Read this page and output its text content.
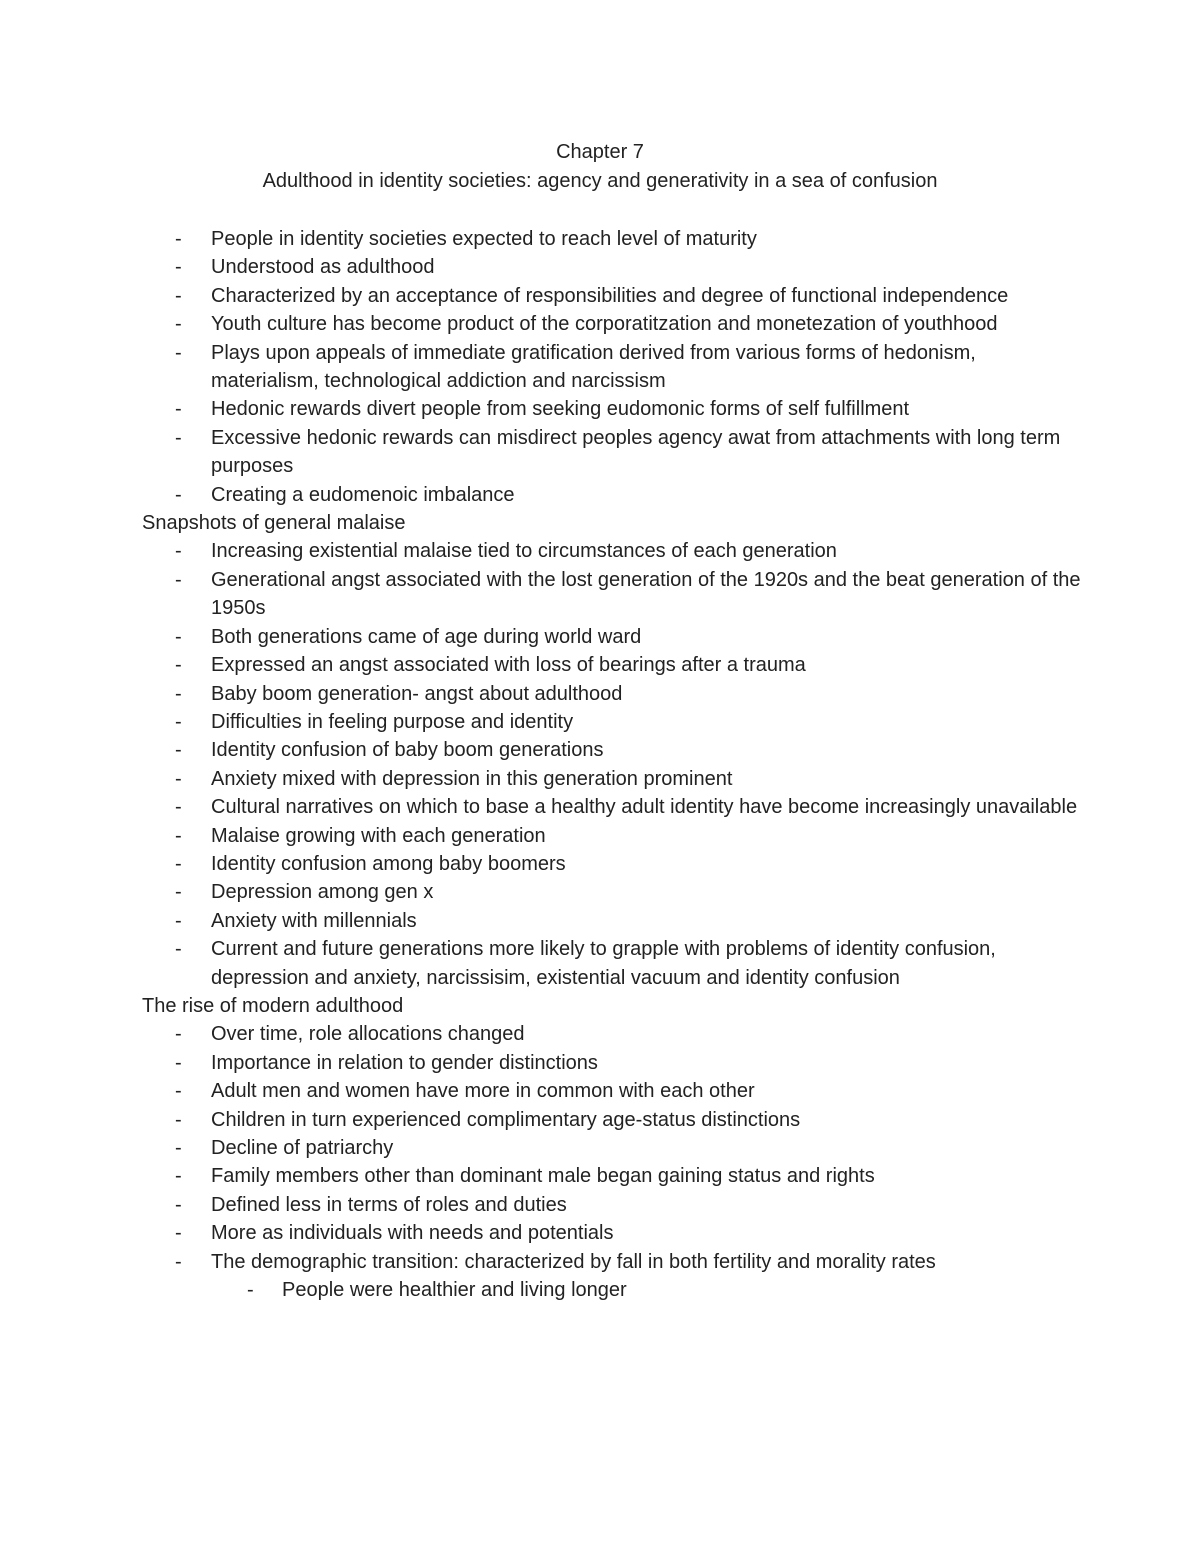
Chapter 7
Adulthood in identity societies: agency and generativity in a sea of confusion
- People in identity societies expected to reach level of maturity
- Understood as adulthood
- Characterized by an acceptance of responsibilities and degree of functional independence
- Youth culture has become product of the corporatitzation and monetezation of youthhood
- Plays upon appeals of immediate gratification derived from various forms of hedonism, materialism, technological addiction and narcissism
- Hedonic rewards divert people from seeking eudomonic forms of self fulfillment
- Excessive hedonic rewards can misdirect peoples agency awat from attachments with long term purposes
- Creating a eudomenoic imbalance
Snapshots of general malaise
- Increasing existential malaise tied to circumstances of each generation
- Generational angst associated with the lost generation of the 1920s and the beat generation of the 1950s
- Both generations came of age during world ward
- Expressed an angst associated with loss of bearings after a trauma
- Baby boom generation- angst about adulthood
- Difficulties in feeling purpose and identity
- Identity confusion of baby boom generations
- Anxiety mixed with depression in this generation prominent
- Cultural narratives on which to base a healthy adult identity have become increasingly unavailable
- Malaise growing with each generation
- Identity confusion among baby boomers
- Depression among gen x
- Anxiety with millennials
- Current and future generations more likely to grapple with problems of identity confusion, depression and anxiety, narcissisim, existential vacuum and identity confusion
The rise of modern adulthood
- Over time, role allocations changed
- Importance in relation to gender distinctions
- Adult men and women have more in common with each other
- Children in turn experienced complimentary age-status distinctions
- Decline of patriarchy
- Family members other than dominant male began gaining status and rights
- Defined less in terms of roles and duties
- More as individuals with needs and potentials
- The demographic transition: characterized by fall in both fertility and morality rates
- People were healthier and living longer
